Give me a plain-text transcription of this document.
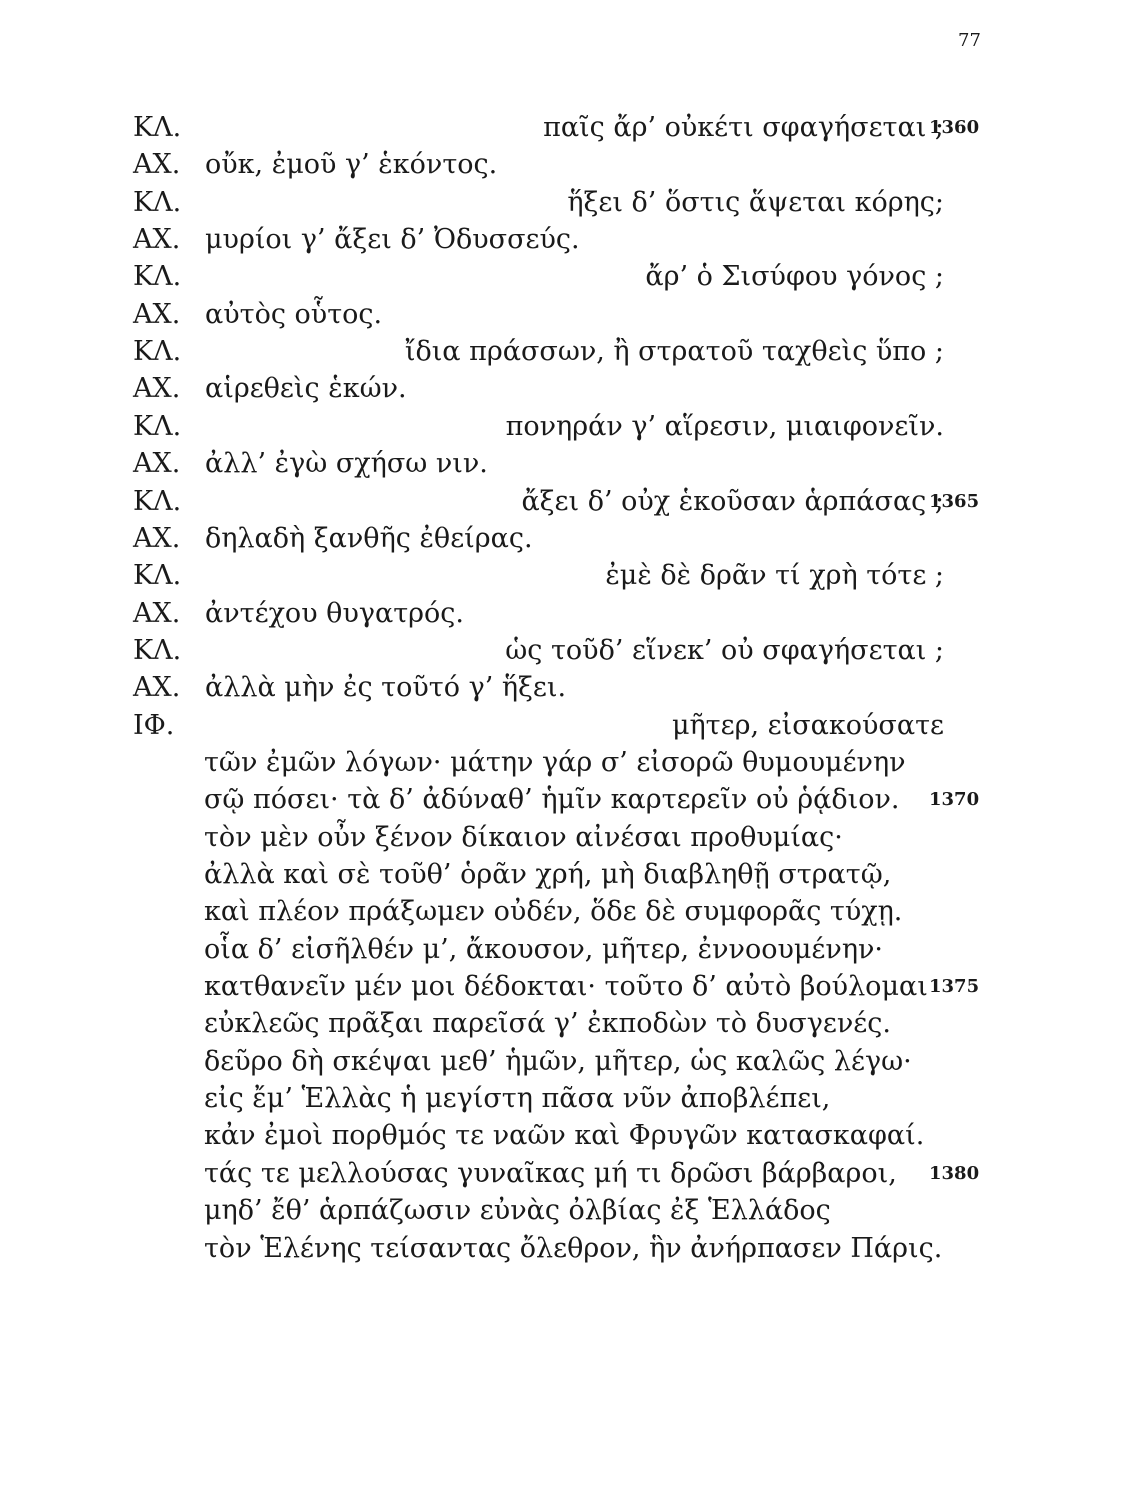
77
ΚΛ.	παῖς ἄρ’ οὐκέτι σφαγήσεται ;
1360
ΑΧ. οὔκ, ἐμοῦ γ’ ἑκόντος.
ΚΛ.	ἥξει δ’ ὅστις ἅψεται κόρης;
ΑΧ. μυρίοι γ’ ἄξει δ’ Ὀδυσσεύς.
ΚΛ.	ἄρ’ ὁ Σισύφου γόνος ;
ΑΧ. αὐτὸς οὗτος.
ΚΛ.	ἴδια πράσσων, ἢ στρατοῦ ταχθεὶς ὕπο ;
ΑΧ. αἱρεθεὶς ἑκών.
ΚΛ.	πονηράν γ’ αἵρεσιν, μιαιφονεῖν.
ΑΧ. ἀλλ’ ἐγὼ σχήσω νιν.
ΚΛ.	ἄξει δ’ οὐχ ἑκοῦσαν ἁρπάσας ;
1365
ΑΧ. δηλαδὴ ξανθῆς ἐθείρας.
ΚΛ.	ἐμὲ δὲ δρᾶν τί χρὴ τότε ;
ΑΧ. ἀντέχου θυγατρός.
ΚΛ.	ὡς τοῦδ’ εἵνεκ’ οὐ σφαγήσεται ;
ΑΧ. ἀλλὰ μὴν ἐς τοῦτό γ’ ἥξει.
ΙΦ.	μῆτερ, εἰσακούσατε
τῶν ἐμῶν λόγων· μάτην γάρ σ’ εἰσορῶ θυμουμένην
σῷ πόσει· τὰ δ’ ἀδύναθ’ ἡμῖν καρτερεῖν οὐ ῥᾴδιον. 1370
τὸν μὲν οὖν ξένον δίκαιον αἰνέσαι προθυμίας·
ἀλλὰ καὶ σὲ τοῦθ’ ὁρᾶν χρή, μὴ διαβληθῇ στρατῷ,
καὶ πλέον πράξωμεν οὐδέν, ὅδε δὲ συμφορᾶς τύχῃ.
οἷα δ’ εἰσῆλθέν μ’, ἄκουσον, μῆτερ, ἐννοουμένην·
κατθανεῖν μέν μοι δέδοκται· τοῦτο δ’ αὐτὸ βούλομαι 1375
εὐκλεῶς πρᾶξαι παρεῖσά γ’ ἐκποδὼν τὸ δυσγενές.
δεῦρο δὴ σκέψαι μεθ’ ἡμῶν, μῆτερ, ὡς καλῶς λέγω·
εἰς ἔμ’ Ἑλλὰς ἡ μεγίστη πᾶσα νῦν ἀποβλέπει,
κἀν ἐμοὶ πορθμός τε ναῶν καὶ Φρυγῶν κατασκαφαί.
τάς τε μελλούσας γυναῖκας μή τι δρῶσι βάρβαροι, 1380
μηδ’ ἔθ’ ἁρπάζωσιν εὐνὰς ὀλβίας ἐξ Ἑλλάδος
τὸν Ἑλένης τείσαντας ὄλεθρον, ἣν ἀνήρπασεν Πάρις.
